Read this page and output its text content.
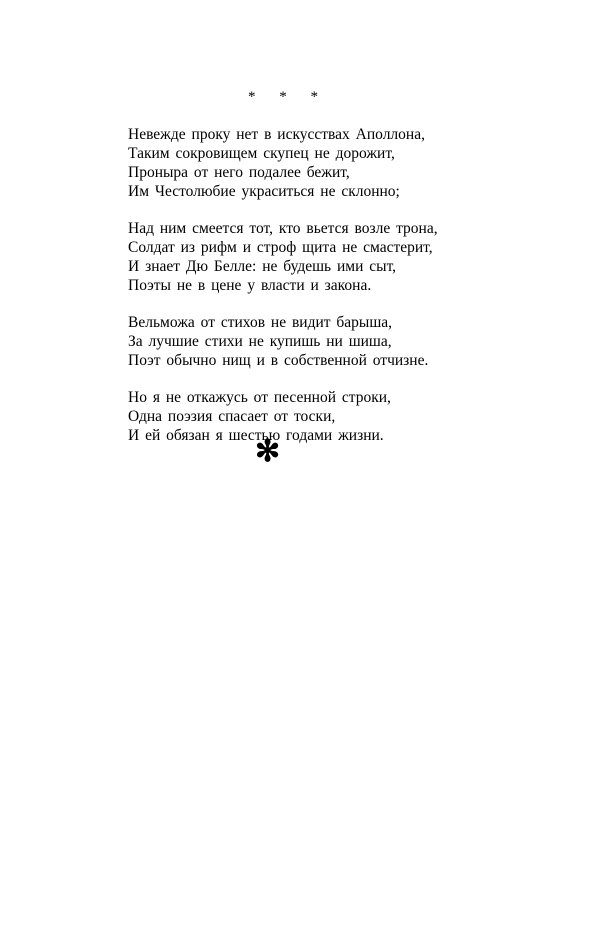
* * *
Невежде проку нет в искусствах Аполлона,
Таким сокровищем скупец не дорожит,
Пронырa от него подалее бежит,
Им Честолюбие украситься не склонно;
Над ним смеется тот, кто вьется возле трона,
Солдат из рифм и строф щита не смастерит,
И знает Дю Белле: не будешь ими сыт,
Поэты не в цене у власти и закона.
Вельможа от стихов не видит барыша,
За лучшие стихи не купишь ни шиша,
Поэт обычно нищ и в собственной отчизне.
Но я не откажусь от песенной строки,
Одна поэзия спасает от тоски,
И ей обязан я шестью годами жизни.
✻
